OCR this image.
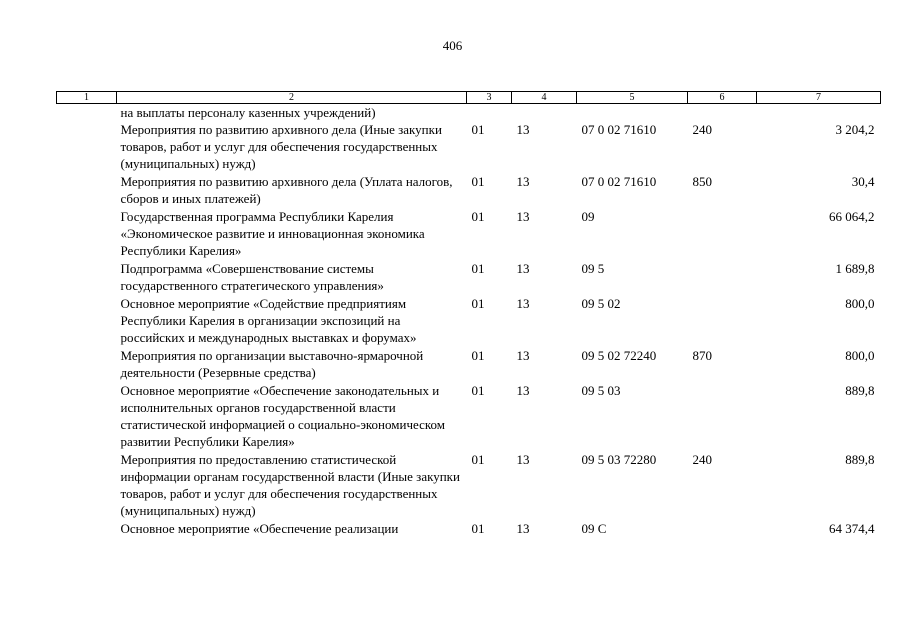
406
1	2	3	4	5	6	7
	на выплаты персоналу казенных учреждений)					
	Мероприятия по развитию архивного дела (Иные закупки товаров, работ и услуг для обеспечения государственных (муниципальных) нужд)	01	13	07 0 02 71610	240	3 204,2
	Мероприятия по развитию архивного дела (Уплата налогов, сборов и иных платежей)	01	13	07 0 02 71610	850	30,4
	Государственная программа Республики Карелия «Экономическое развитие и инновационная экономика Республики Карелия»	01	13	09		66 064,2
	Подпрограмма «Совершенствование системы государственного стратегического управления»	01	13	09 5		1 689,8
	Основное мероприятие «Содействие предприятиям Республики Карелия в организации экспозиций на российских и международных выставках и форумах»	01	13	09 5 02		800,0
	Мероприятия по организации выставочно-ярмарочной деятельности (Резервные средства)	01	13	09 5 02 72240	870	800,0
	Основное мероприятие «Обеспечение законодательных и исполнительных органов государственной власти статистической информацией о социально-экономическом развитии Республики Карелия»	01	13	09 5 03		889,8
	Мероприятия по предоставлению статистической информации органам государственной власти (Иные закупки товаров, работ и услуг для обеспечения государственных (муниципальных) нужд)	01	13	09 5 03 72280	240	889,8
	Основное мероприятие «Обеспечение реализации	01	13	09 С		64 374,4
